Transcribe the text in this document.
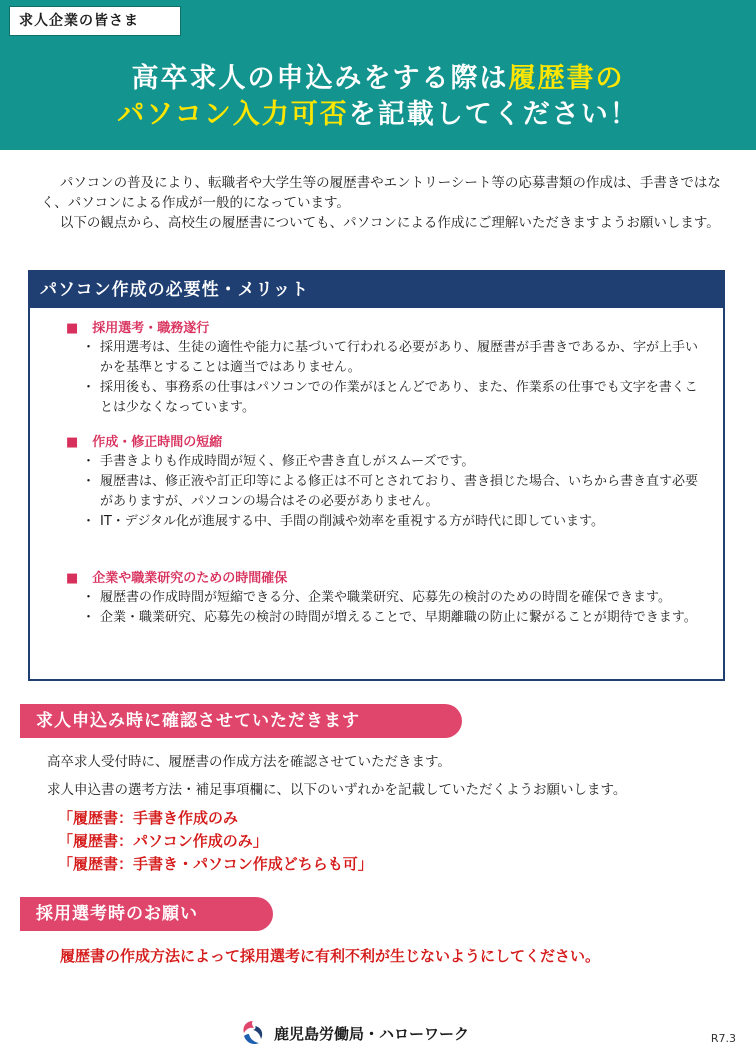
求人企業の皆さま
高卒求人の申込みをする際は履歴書の
パソコン入力可否を記載してください！

パソコンの普及により、転職者や大学生等の履歴書やエントリーシート等の応募書類の作成は、手書きではなく、パソコンによる作成が一般的になっています。

以下の観点から、高校生の履歴書についても、パソコンによる作成にご理解いただきますようお願いします。

パソコン作成の必要性・メリット
■ 採用選考・職務遂行
・ 採用選考は、生徒の適性や能力に基づいて行われる必要があり、履歴書が手書きであるか、字が上手いかを基準とすることは適当ではありません。
・ 採用後も、事務系の仕事はパソコンでの作業がほとんどであり、また、作業系の仕事でも文字を書くことは少なくなっています。
■ 作成・修正時間の短縮
・ 手書きよりも作成時間が短く、修正や書き直しがスムーズです。
・ 履歴書は、修正液や訂正印等による修正は不可とされており、書き損じた場合、いちから書き直す必要がありますが、パソコンの場合はその必要がありません。
・ IT・デジタル化が進展する中、手間の削減や効率を重視する方が時代に即しています。
■ 企業や職業研究のための時間確保
・ 履歴書の作成時間が短縮できる分、企業や職業研究、応募先の検討のための時間を確保できます。
・ 企業・職業研究、応募先の検討の時間が増えることで、早期離職の防止に繋がることが期待できます。
求人申込み時に確認させていただきます
高卒求人受付時に、履歴書の作成方法を確認させていただきます。
求人申込書の選考方法・補足事項欄に、以下のいずれかを記載していただくようお願いします。
「履歴書：手書き作成のみ
「履歴書：パソコン作成のみ」
「履歴書：手書き・パソコン作成どちらも可」
採用選考時のお願い
履歴書の作成方法によって採用選考に有利不利が生じないようにしてください。
鹿児島労働局・ハローワーク	R7.3
